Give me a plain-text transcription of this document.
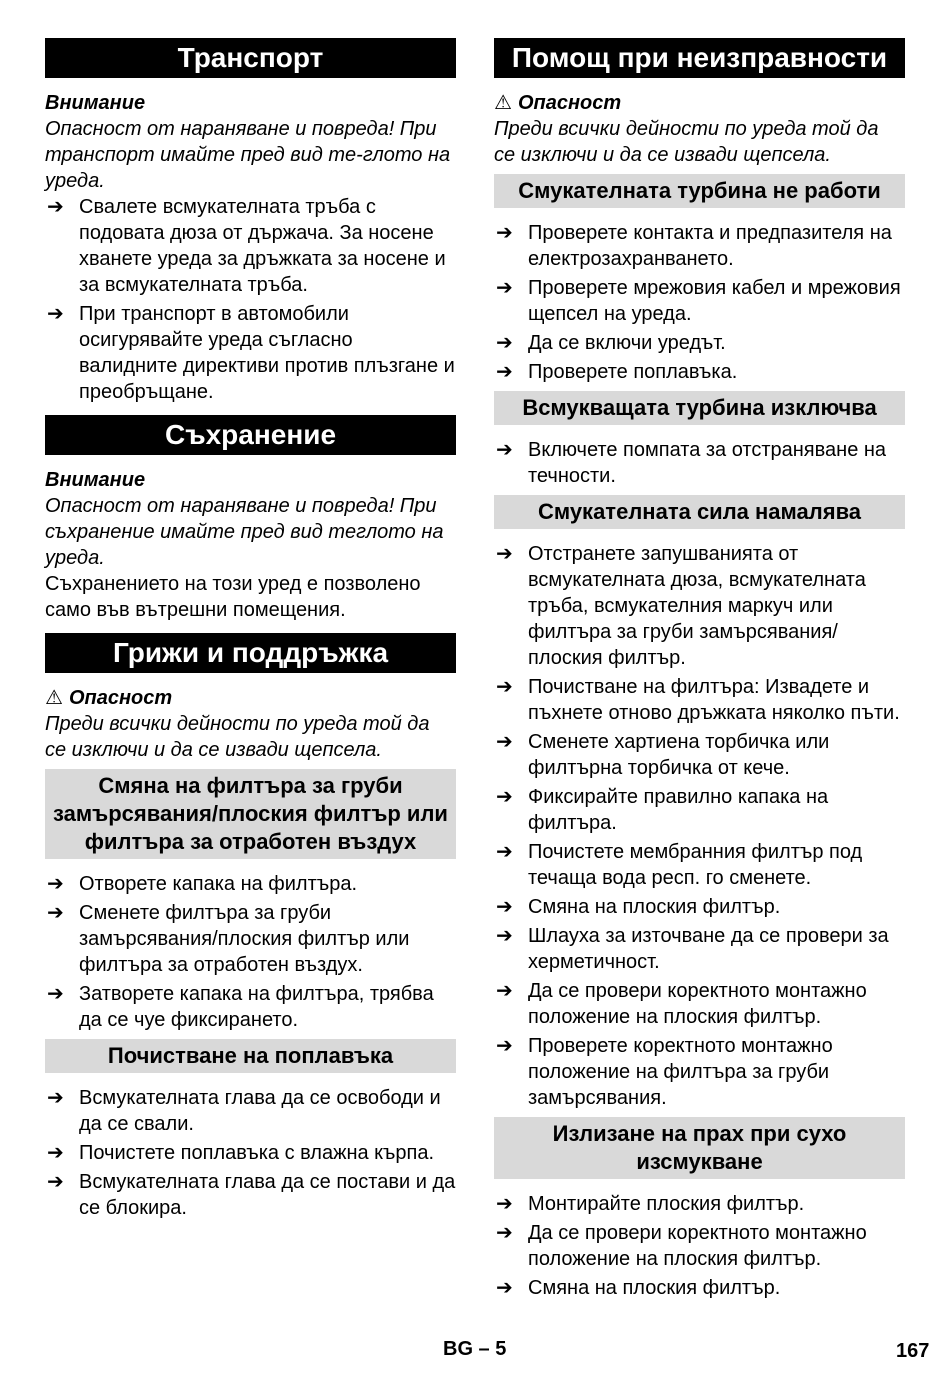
Транспорт
Внимание
Опасност от нараняване и повреда! При транспорт имайте пред вид те-глото на уреда.
➔ Свалете всмукателната тръба с подовата дюза от държача. За носене хванете уреда за дръжката за носене и за всмукателната тръба.
➔ При транспорт в автомобили осигурявайте уреда съгласно валидните директиви против плъзгане и преобръщане.
Съхранение
Внимание
Опасност от нараняване и повреда! При съхранение имайте пред вид теглото на уреда.
Съхранението на този уред е позволено само във вътрешни помещения.
Грижи и поддръжка
⚠ Опасност
Преди всички дейности по уреда той да се изключи и да се извади щепсела.
Смяна на филтъра за груби замърсявания/плоския филтър или филтъра за отработен въздух
➔ Отворете капака на филтъра.
➔ Сменете филтъра за груби замърсявания/плоския филтър или филтъра за отработен въздух.
➔ Затворете капака на филтъра, трябва да се чуе фиксирането.
Почистване на поплавъка
➔ Всмукателната глава да се освободи и да се свали.
➔ Почистете поплавъка с влажна кърпа.
➔ Всмукателната глава да се постави и да се блокира.
Помощ при неизправности
⚠ Опасност
Преди всички дейности по уреда той да се изключи и да се извади щепсела.
Смукателната турбина не работи
➔ Проверете контакта и предпазителя на електрозахранването.
➔ Проверете мрежовия кабел и мрежовия щепсел на уреда.
➔ Да се включи уредът.
➔ Проверете поплавъка.
Всмукващата турбина изключва
➔ Включете помпата за отстраняване на течности.
Смукателната сила намалява
➔ Отстранете запушванията от всмукателната дюза, всмукателната тръба, всмукателния маркуч или филтъра за груби замърсявания/плоския филтър.
➔ Почистване на филтъра: Извадете и пъхнете отново дръжката няколко пъти.
➔ Сменете хартиена торбичка или филтърна торбичка от кече.
➔ Фиксирайте правилно капака на филтъра.
➔ Почистете мембранния филтър под течаща вода респ. го сменете.
➔ Смяна на плоския филтър.
➔ Шлауха за източване да се провери за херметичност.
➔ Да се провери коректното монтажно положение на плоския филтър.
➔ Проверете коректното монтажно положение на филтъра за груби замърсявания.
Излизане на прах при сухо изсмукване
➔ Монтирайте плоския филтър.
➔ Да се провери коректното монтажно положение на плоския филтър.
➔ Смяна на плоския филтър.
BG – 5	167
